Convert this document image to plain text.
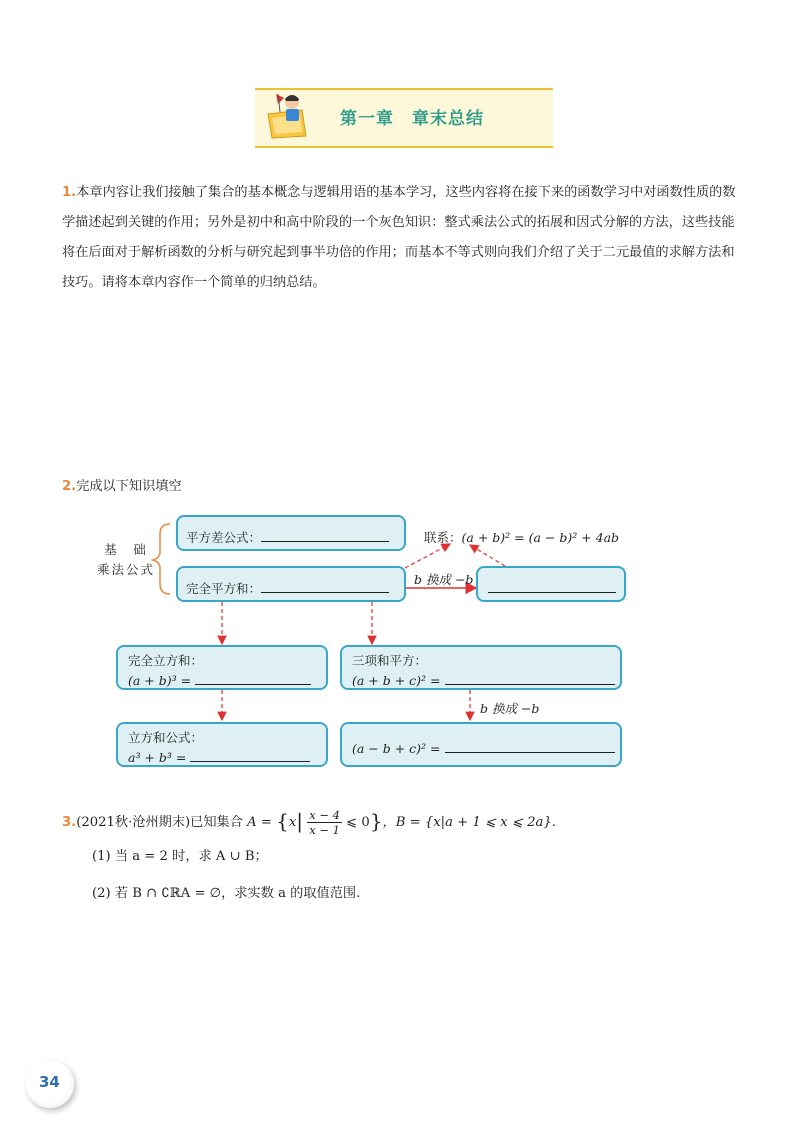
第一章　章末总结
1.本章内容让我们接触了集合的基本概念与逻辑用语的基本学习，这些内容将在接下来的函数学习中对函数性质的数学描述起到关键的作用；另外是初中和高中阶段的一个灰色知识：整式乘法公式的拓展和因式分解的方法，这些技能将在后面对于解析函数的分析与研究起到事半功倍的作用；而基本不等式则向我们介绍了关于二元最值的求解方法和技巧。请将本章内容作一个简单的归纳总结。
2.完成以下知识填空
基　础
乘法公式
平方差公式：
完全平方和：
联系：(a + b)² = (a − b)² + 4ab
b 换成 −b
完全立方和：
(a + b)³ =
三项和平方：
(a + b + c)² =
b 换成 −b
立方和公式：
a³ + b³ =
(a − b + c)² =
3.(2021秋·沧州期末)已知集合 $A = \{x| \frac{x - 4}{x - 1}$ ⩽ 0}，B = {x|a + 1 ⩽ x ⩽ 2a}.
(1) 当 a = 2 时，求 A ∪ B；
(2) 若 B ∩ ∁ℝA = ∅，求实数 a 的取值范围.
34
